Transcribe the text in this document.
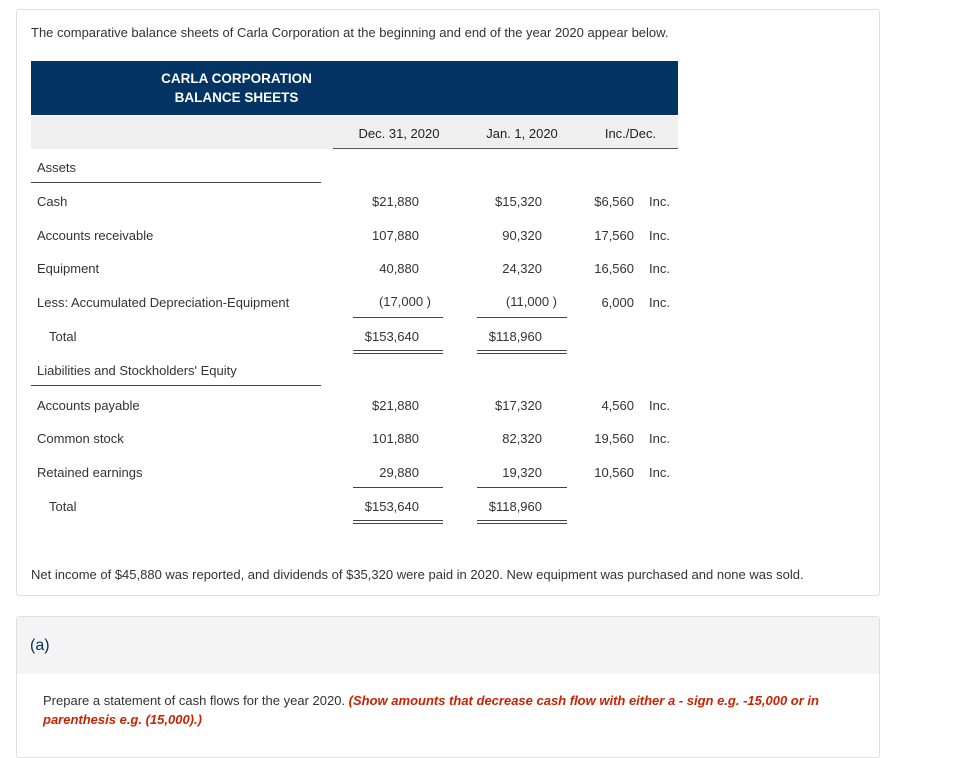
The comparative balance sheets of Carla Corporation at the beginning and end of the year 2020 appear below.
CARLA CORPORATION
BALANCE SHEETS
Dec. 31, 2020	Jan. 1, 2020	Inc./Dec.
Assets
Cash	$21,880	$15,320	$6,560 Inc.
Accounts receivable	107,880	90,320	17,560 Inc.
Equipment	40,880	24,320	16,560 Inc.
Less: Accumulated Depreciation-Equipment	(17,000 )	(11,000 )	6,000 Inc.
Total	$153,640	$118,960
Liabilities and Stockholders' Equity
Accounts payable	$21,880	$17,320	4,560 Inc.
Common stock	101,880	82,320	19,560 Inc.
Retained earnings	29,880	19,320	10,560 Inc.
Total	$153,640	$118,960
Net income of $45,880 was reported, and dividends of $35,320 were paid in 2020. New equipment was purchased and none was sold.
(a)
Prepare a statement of cash flows for the year 2020. (Show amounts that decrease cash flow with either a - sign e.g. -15,000 or in parenthesis e.g. (15,000).)
